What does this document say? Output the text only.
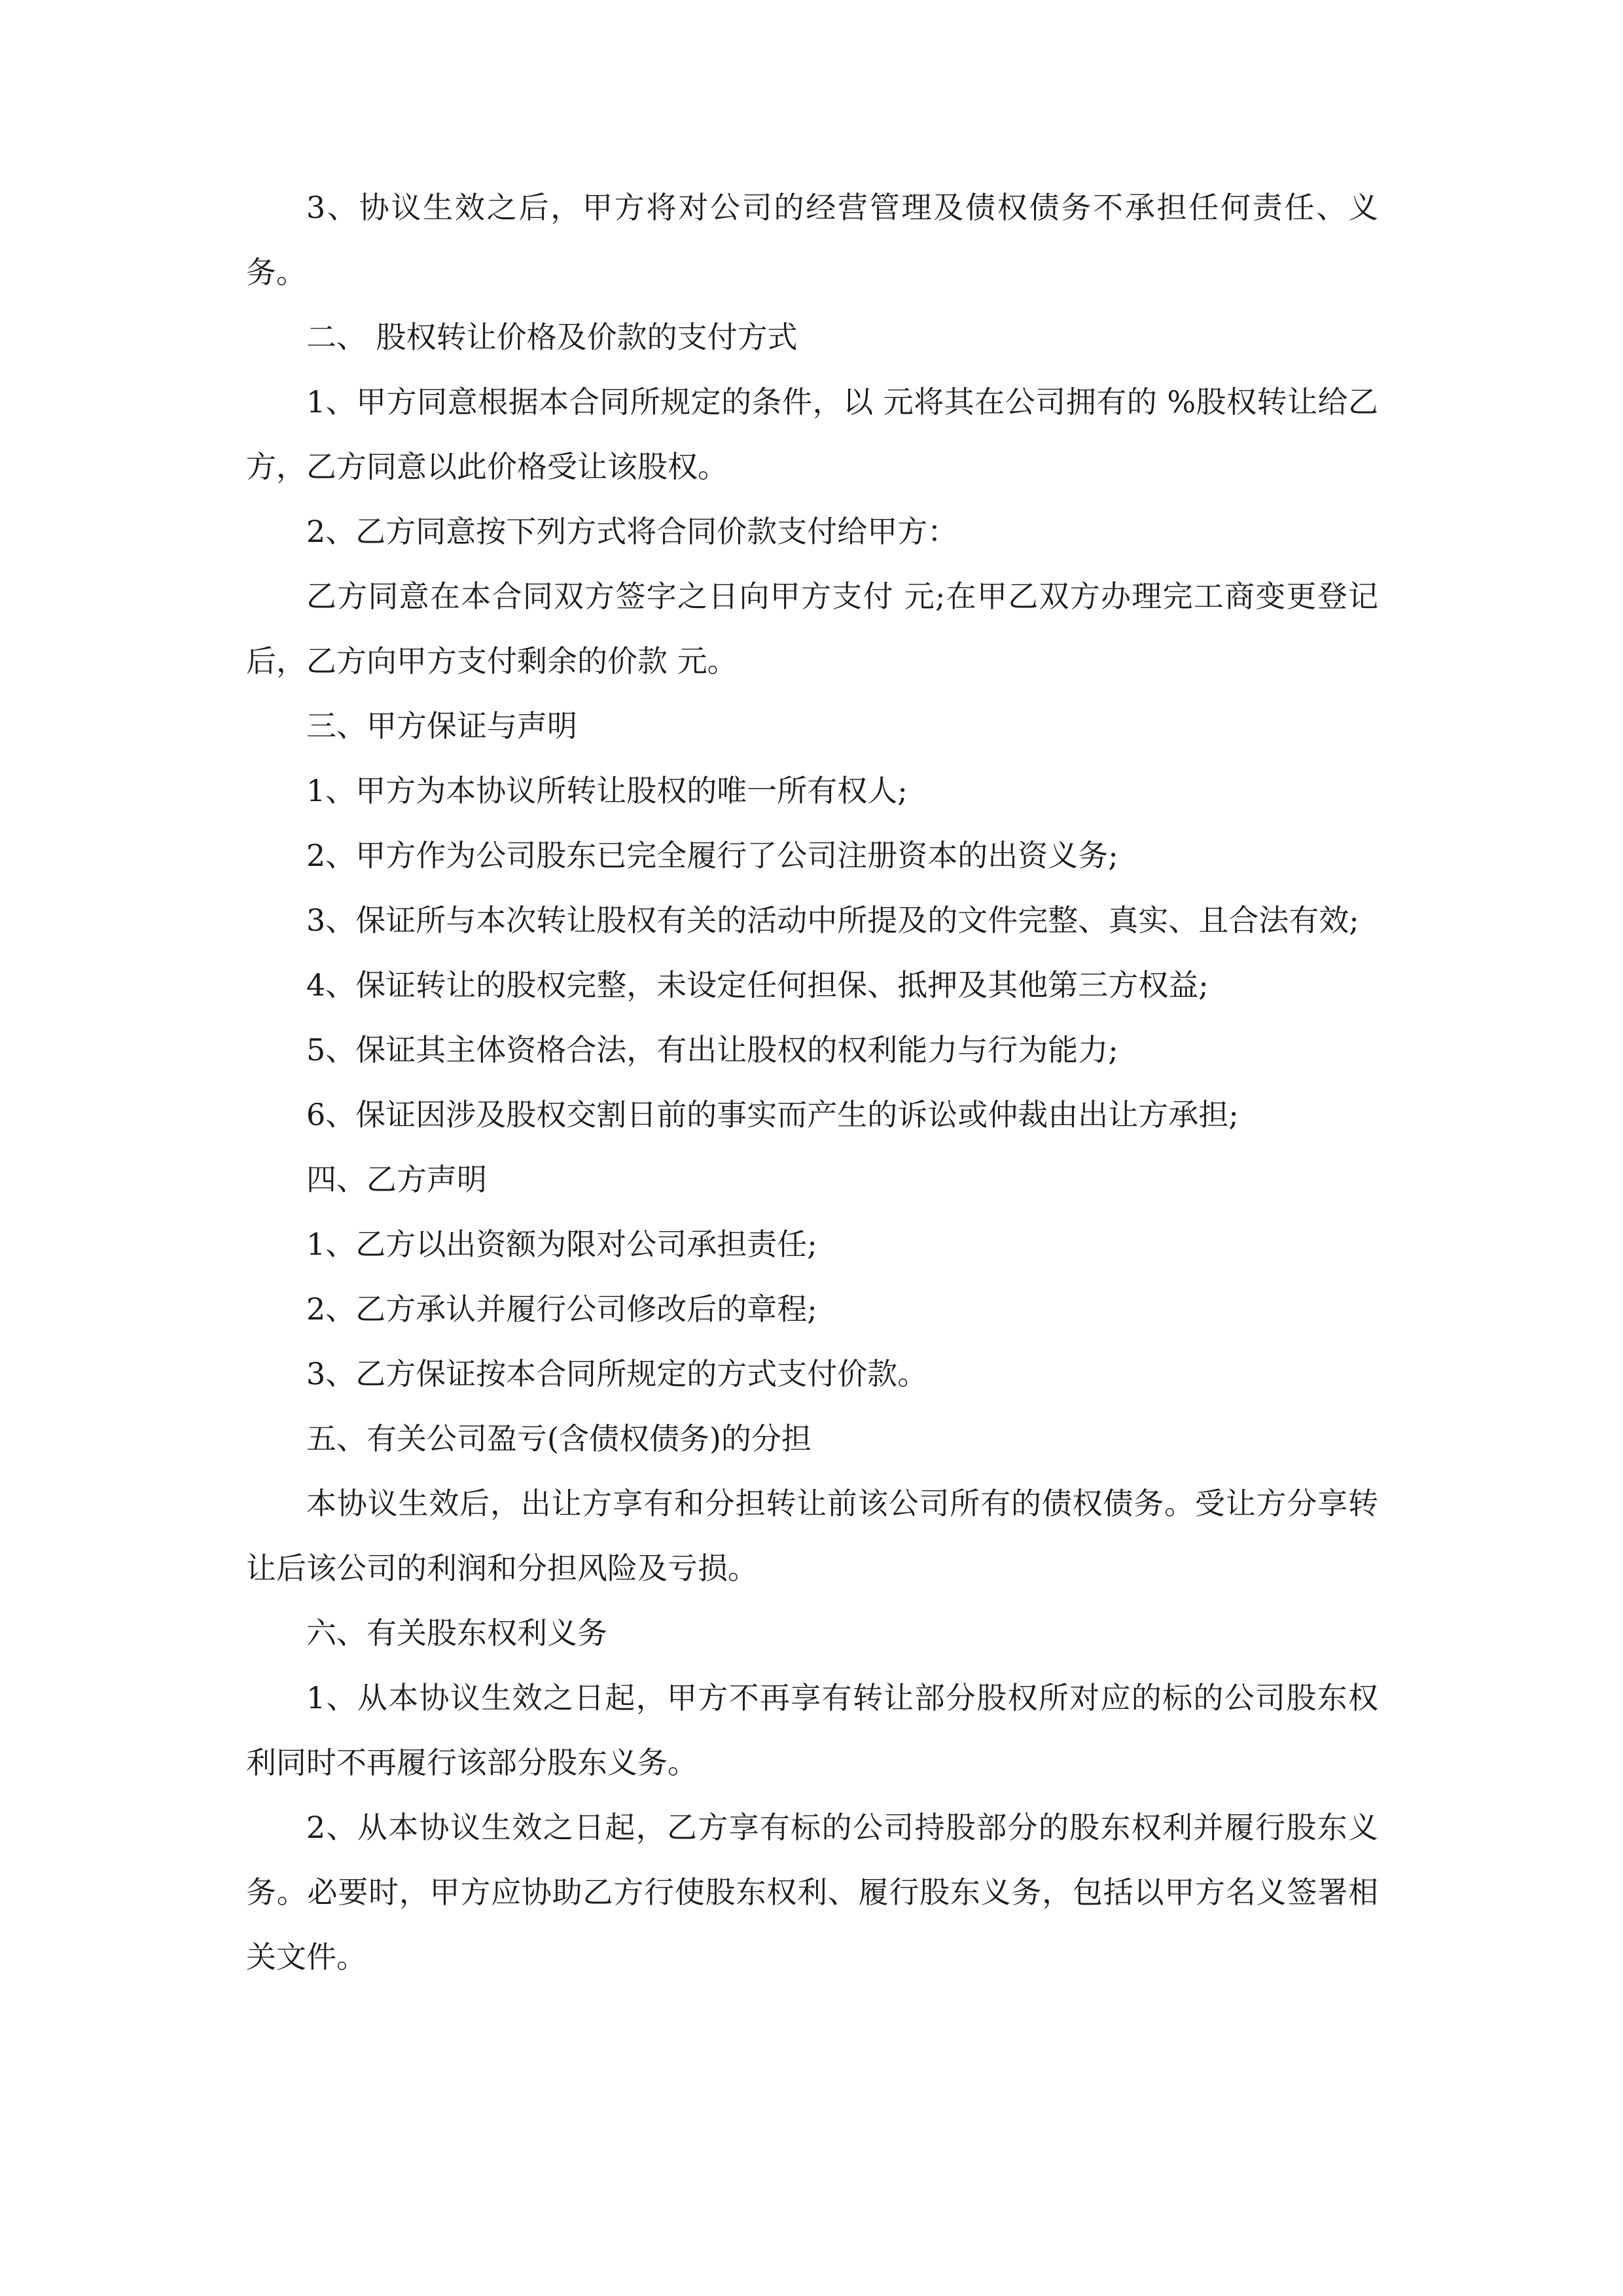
3、协议生效之后，甲方将对公司的经营管理及债权债务不承担任何责任、义务。

二、 股权转让价格及价款的支付方式

1、甲方同意根据本合同所规定的条件，以 元将其在公司拥有的 %股权转让给乙方，乙方同意以此价格受让该股权。

2、乙方同意按下列方式将合同价款支付给甲方：

乙方同意在本合同双方签字之日向甲方支付 元;在甲乙双方办理完工商变更登记后，乙方向甲方支付剩余的价款 元。

三、甲方保证与声明

1、甲方为本协议所转让股权的唯一所有权人;

2、甲方作为公司股东已完全履行了公司注册资本的出资义务;

3、保证所与本次转让股权有关的活动中所提及的文件完整、真实、且合法有效;

4、保证转让的股权完整，未设定任何担保、抵押及其他第三方权益;

5、保证其主体资格合法，有出让股权的权利能力与行为能力;

6、保证因涉及股权交割日前的事实而产生的诉讼或仲裁由出让方承担;

四、乙方声明

1、乙方以出资额为限对公司承担责任;

2、乙方承认并履行公司修改后的章程;

3、乙方保证按本合同所规定的方式支付价款。

五、有关公司盈亏(含债权债务)的分担

本协议生效后，出让方享有和分担转让前该公司所有的债权债务。受让方分享转让后该公司的利润和分担风险及亏损。

六、有关股东权利义务

1、从本协议生效之日起，甲方不再享有转让部分股权所对应的标的公司股东权利同时不再履行该部分股东义务。

2、从本协议生效之日起，乙方享有标的公司持股部分的股东权利并履行股东义务。必要时，甲方应协助乙方行使股东权利、履行股东义务，包括以甲方名义签署相关文件。
